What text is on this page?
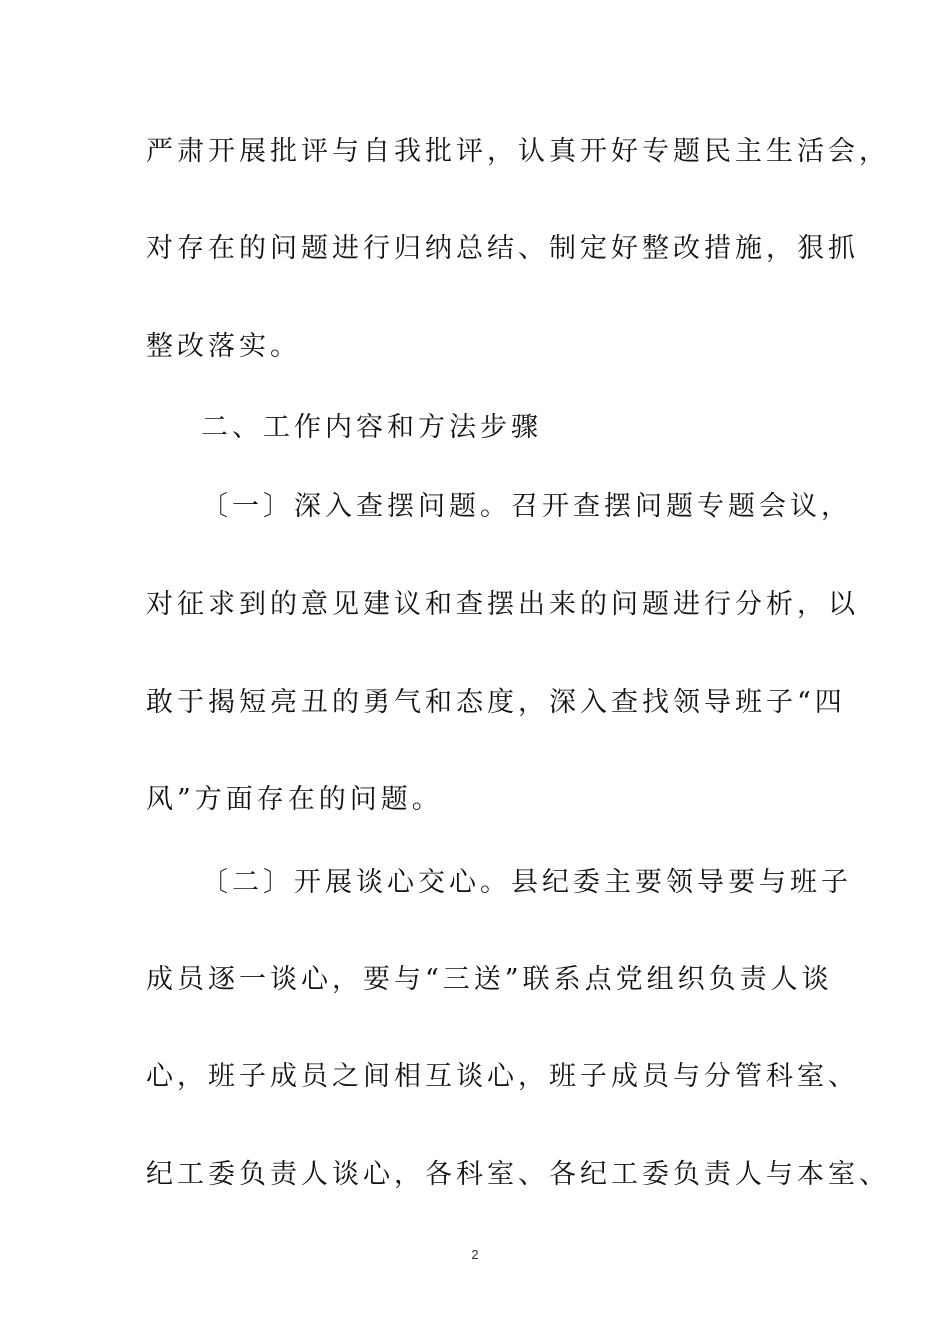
严肃开展批评与自我批评，认真开好专题民主生活会，
对存在的问题进行归纳总结、制定好整改措施，狠抓
整改落实。
二、工作内容和方法步骤
〔一〕深入查摆问题。召开查摆问题专题会议，
对征求到的意见建议和查摆出来的问题进行分析，以
敢于揭短亮丑的勇气和态度，深入查找领导班子“四
风”方面存在的问题。
〔二〕开展谈心交心。县纪委主要领导要与班子
成员逐一谈心，要与“三送”联系点党组织负责人谈
心，班子成员之间相互谈心，班子成员与分管科室、
纪工委负责人谈心，各科室、各纪工委负责人与本室、
2
